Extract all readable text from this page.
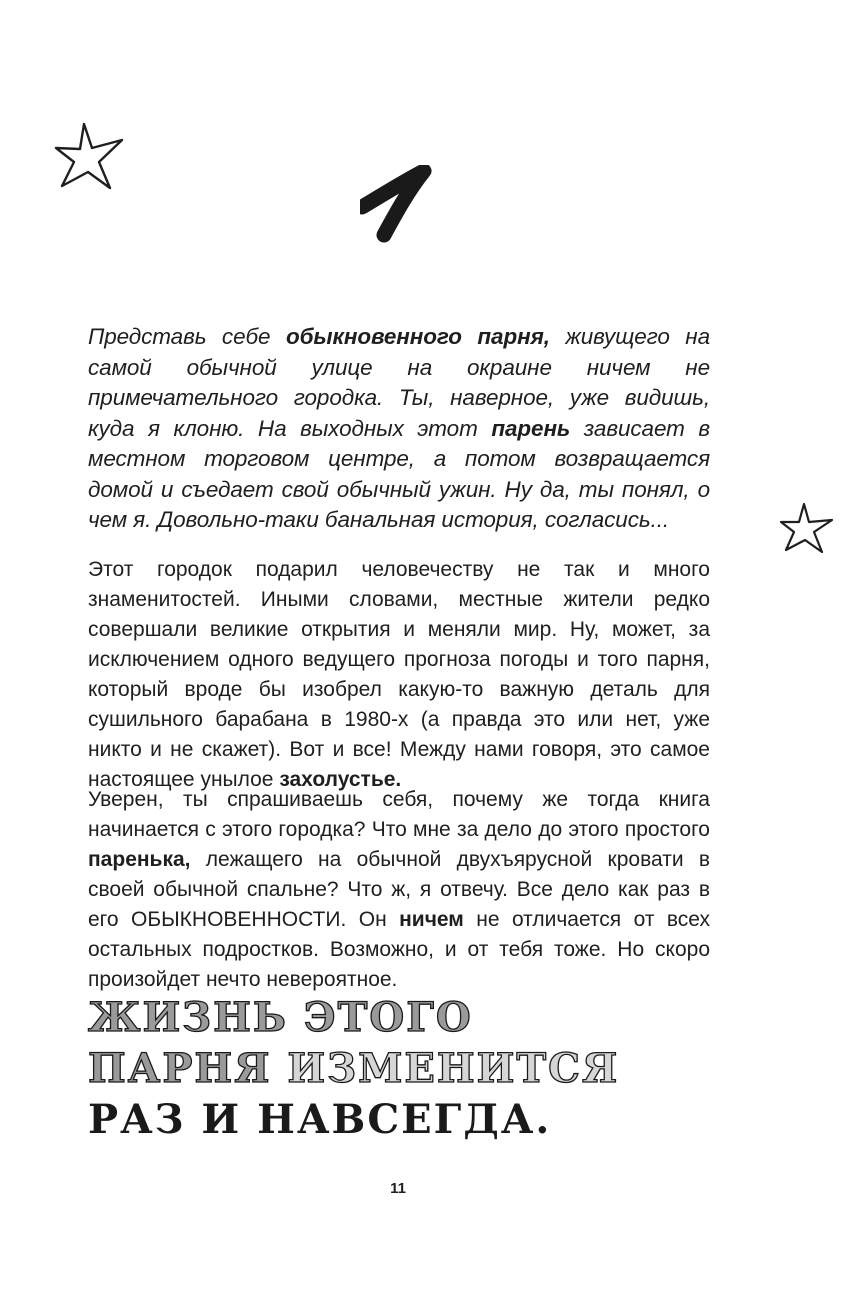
Представь себе обыкновенного парня, живущего на самой обычной улице на окраине ничем не примечательного городка. Ты, наверное, уже видишь, куда я клоню. На выходных этот парень зависает в местном торговом центре, а потом возвращается домой и съедает свой обычный ужин. Ну да, ты понял, о чем я. Довольно-таки банальная история, согласись...

Этот городок подарил человечеству не так и много знаменитостей. Иными словами, местные жители редко совершали великие открытия и меняли мир. Ну, может, за исключением одного ведущего прогноза погоды и того парня, который вроде бы изобрел какую-то важную деталь для сушильного барабана в 1980-х (а правда это или нет, уже никто и не скажет). Вот и все! Между нами говоря, это самое настоящее унылое захолустье.

Уверен, ты спрашиваешь себя, почему же тогда книга начинается с этого городка? Что мне за дело до этого простого паренька, лежащего на обычной двухъярусной кровати в своей обычной спальне? Что ж, я отвечу. Все дело как раз в его ОБЫКНОВЕННОСТИ. Он ничем не отличается от всех остальных подростков. Возможно, и от тебя тоже. Но скоро произойдет нечто невероятное.

ЖИЗНЬ ЭТОГО
ПАРНЯ ИЗМЕНИТСЯ
РАЗ И НАВСЕГДА.
11
